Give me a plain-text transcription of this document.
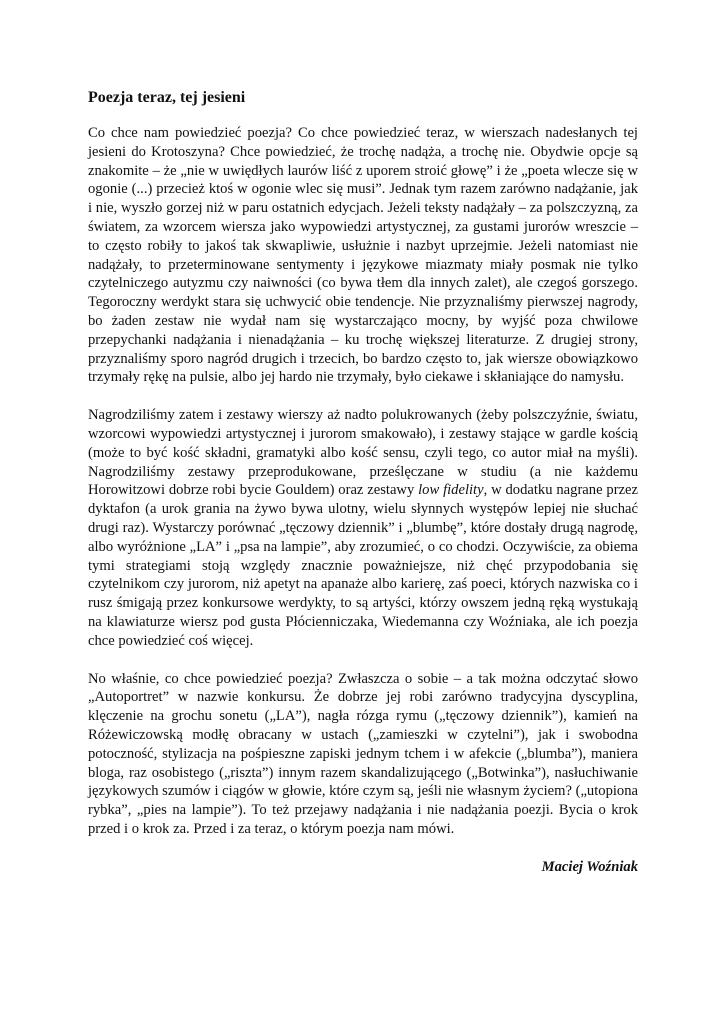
Poezja teraz, tej jesieni

Co chce nam powiedzieć poezja? Co chce powiedzieć teraz, w wierszach nadesłanych tej jesieni do Krotoszyna? Chce powiedzieć, że trochę nadąża, a trochę nie. Obydwie opcje są znakomite – że „nie w uwiędłych laurów liść z uporem stroić głowę” i że „poeta wlecze się w ogonie (...) przecież ktoś w ogonie wlec się musi”. Jednak tym razem zarówno nadążanie, jak i nie, wyszło gorzej niż w paru ostatnich edycjach. Jeżeli teksty nadążały – za polszczyzną, za światem, za wzorcem wiersza jako wypowiedzi artystycznej, za gustami jurorów wreszcie – to często robiły to jakoś tak skwapliwie, usłużnie i nazbyt uprzejmie. Jeżeli natomiast nie nadążały, to przeterminowane sentymenty i językowe miazmaty miały posmak nie tylko czytelniczego autyzmu czy naiwności (co bywa tłem dla innych zalet), ale czegoś gorszego. Tegoroczny werdykt stara się uchwycić obie tendencje. Nie przyznaliśmy pierwszej nagrody, bo żaden zestaw nie wydał nam się wystarczająco mocny, by wyjść poza chwilowe przepychanki nadążania i nienadążania – ku trochę większej literaturze. Z drugiej strony, przyznaliśmy sporo nagród drugich i trzecich, bo bardzo często to, jak wiersze obowiązkowo trzymały rękę na pulsie, albo jej hardo nie trzymały, było ciekawe i skłaniające do namysłu.

Nagrodziliśmy zatem i zestawy wierszy aż nadto polukrowanych (żeby polszczyźnie, światu, wzorcowi wypowiedzi artystycznej i jurorom smakowało), i zestawy stające w gardle kością (może to być kość składni, gramatyki albo kość sensu, czyli tego, co autor miał na myśli). Nagrodziliśmy zestawy przeprodukowane, prześlęczane w studiu (a nie każdemu Horowitzowi dobrze robi bycie Gouldem) oraz zestawy low fidelity, w dodatku nagrane przez dyktafon (a urok grania na żywo bywa ulotny, wielu słynnych występów lepiej nie słuchać drugi raz). Wystarczy porównać „tęczowy dziennik” i „blumbę”, które dostały drugą nagrodę, albo wyróżnione „LA” i „psa na lampie”, aby zrozumieć, o co chodzi. Oczywiście, za obiema tymi strategiami stoją względy znacznie poważniejsze, niż chęć przypodobania się czytelnikom czy jurorom, niż apetyt na apanaże albo karierę, zaś poeci, których nazwiska co i rusz śmigają przez konkursowe werdykty, to są artyści, którzy owszem jedną ręką wystukają na klawiaturze wiersz pod gusta Płócienniczaka, Wiedemanna czy Woźniaka, ale ich poezja chce powiedzieć coś więcej.

No właśnie, co chce powiedzieć poezja? Zwłaszcza o sobie – a tak można odczytać słowo „Autoportret” w nazwie konkursu. Że dobrze jej robi zarówno tradycyjna dyscyplina, klęczenie na grochu sonetu („LA”), nagła rózga rymu („tęczowy dziennik”), kamień na Różewiczowską modłę obracany w ustach („zamieszki w czytelni”), jak i swobodna potoczność, stylizacja na pośpieszne zapiski jednym tchem i w afekcie („blumba”), maniera bloga, raz osobistego („riszta”) innym razem skandalizującego („Botwinka”), nasłuchiwanie językowych szumów i ciągów w głowie, które czym są, jeśli nie własnym życiem? („utopiona rybka”, „pies na lampie”). To też przejawy nadążania i nie nadążania poezji. Bycia o krok przed i o krok za. Przed i za teraz, o którym poezja nam mówi.

Maciej Woźniak
